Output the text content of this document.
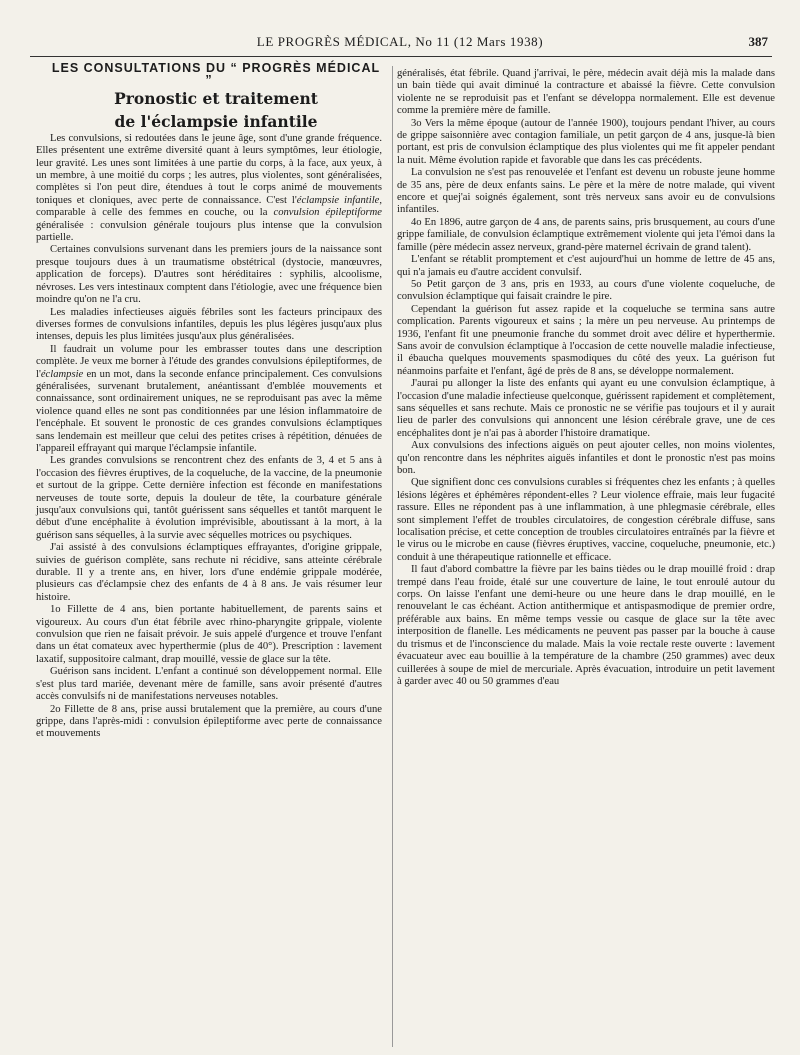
LE PROGRÈS MÉDICAL, No 11 (12 Mars 1938)	387

LES CONSULTATIONS DU “ PROGRÈS MÉDICAL ”

Pronostic et traitement
de l'éclampsie infantile

Les convulsions, si redoutées dans le jeune âge, sont d'une grande fréquence. Elles présentent une extrême diversité quant à leurs symptômes, leur étiologie, leur gravité. Les unes sont limitées à une partie du corps, à la face, aux yeux, à un membre, à une moitié du corps ; les autres, plus violentes, sont généralisées, complètes si l'on peut dire, étendues à tout le corps animé de mouvements toniques et cloniques, avec perte de connaissance. C'est l'éclampsie infantile, comparable à celle des femmes en couche, ou la convulsion épileptiforme généralisée : convulsion générale toujours plus intense que la convulsion partielle.

Certaines convulsions survenant dans les premiers jours de la naissance sont presque toujours dues à un traumatisme obstétrical (dystocie, manœuvres, application de forceps). D'autres sont héréditaires : syphilis, alcoolisme, névroses. Les vers intestinaux comptent dans l'étiologie, avec une fréquence bien moindre qu'on ne l'a cru.

Les maladies infectieuses aiguës fébriles sont les facteurs principaux des diverses formes de convulsions infantiles, depuis les plus légères jusqu'aux plus intenses, depuis les plus limitées jusqu'aux plus généralisées.

Il faudrait un volume pour les embrasser toutes dans une description complète. Je veux me borner à l'étude des grandes convulsions épileptiformes, de l'éclampsie en un mot, dans la seconde enfance principalement. Ces convulsions généralisées, survenant brutalement, anéantissant d'emblée mouvements et connaissance, sont ordinairement uniques, ne se reproduisant pas avec la même violence quand elles ne sont pas conditionnées par une lésion inflammatoire de l'encéphale. Et souvent le pronostic de ces grandes convulsions éclamptiques sans lendemain est meilleur que celui des petites crises à répétition, dénuées de l'appareil effrayant qui marque l'éclampsie infantile.

Les grandes convulsions se rencontrent chez des enfants de 3, 4 et 5 ans à l'occasion des fièvres éruptives, de la coqueluche, de la vaccine, de la pneumonie et surtout de la grippe. Cette dernière infection est féconde en manifestations nerveuses de toute sorte, depuis la douleur de tête, la courbature générale jusqu'aux convulsions qui, tantôt guérissent sans séquelles et tantôt marquent le début d'une encéphalite à évolution imprévisible, aboutissant à la mort, à la guérison sans séquelles, à la survie avec séquelles motrices ou psychiques.

J'ai assisté à des convulsions éclamptiques effrayantes, d'origine grippale, suivies de guérison complète, sans rechute ni récidive, sans atteinte cérébrale durable. Il y a trente ans, en hiver, lors d'une endémie grippale modérée, plusieurs cas d'éclampsie chez des enfants de 4 à 8 ans. Je vais résumer leur histoire.

1o Fillette de 4 ans, bien portante habituellement, de parents sains et vigoureux. Au cours d'un état fébrile avec rhino-pharyngite grippale, violente convulsion que rien ne faisait prévoir. Je suis appelé d'urgence et trouve l'enfant dans un état comateux avec hyperthermie (plus de 40°). Prescription : lavement laxatif, suppositoire calmant, drap mouillé, vessie de glace sur la tête.

Guérison sans incident. L'enfant a continué son développement normal. Elle s'est plus tard mariée, devenant mère de famille, sans avoir présenté d'autres accès convulsifs ni de manifestations nerveuses notables.

2o Fillette de 8 ans, prise aussi brutalement que la première, au cours d'une grippe, dans l'après-midi : convulsion épileptiforme avec perte de connaissance et mouvements

généralisés, état fébrile. Quand j'arrivai, le père, médecin avait déjà mis la malade dans un bain tiède qui avait diminué la contracture et abaissé la fièvre. Cette convulsion violente ne se reproduisit pas et l'enfant se développa normalement. Elle est devenue comme la première mère de famille.

3o Vers la même époque (autour de l'année 1900), toujours pendant l'hiver, au cours de grippe saisonnière avec contagion familiale, un petit garçon de 4 ans, jusque-là bien portant, est pris de convulsion éclamptique des plus violentes qui me fit appeler pendant la nuit. Même évolution rapide et favorable que dans les cas précédents.

La convulsion ne s'est pas renouvelée et l'enfant est devenu un robuste jeune homme de 35 ans, père de deux enfants sains. Le père et la mère de notre malade, qui vivent encore et quej'ai soignés également, sont très nerveux sans avoir eu de convulsions infantiles.

4o En 1896, autre garçon de 4 ans, de parents sains, pris brusquement, au cours d'une grippe familiale, de convulsion éclamptique extrêmement violente qui jeta l'émoi dans la famille (père médecin assez nerveux, grand-père maternel écrivain de grand talent).

L'enfant se rétablit promptement et c'est aujourd'hui un homme de lettre de 45 ans, qui n'a jamais eu d'autre accident convulsif.

5o Petit garçon de 3 ans, pris en 1933, au cours d'une violente coqueluche, de convulsion éclamptique qui faisait craindre le pire.

Cependant la guérison fut assez rapide et la coqueluche se termina sans autre complication. Parents vigoureux et sains ; la mère un peu nerveuse. Au printemps de 1936, l'enfant fit une pneumonie franche du sommet droit avec délire et hyperthermie. Sans avoir de convulsion éclamptique à l'occasion de cette nouvelle maladie infectieuse, il ébaucha quelques mouvements spasmodiques du côté des yeux. La guérison fut néanmoins parfaite et l'enfant, âgé de près de 8 ans, se développe normalement.

J'aurai pu allonger la liste des enfants qui ayant eu une convulsion éclamptique, à l'occasion d'une maladie infectieuse quelconque, guérissent rapidement et complètement, sans séquelles et sans rechute. Mais ce pronostic ne se vérifie pas toujours et il y aurait lieu de parler des convulsions qui annoncent une lésion cérébrale grave, une de ces encéphalites dont je n'ai pas à aborder l'histoire dramatique.

Aux convulsions des infections aiguës on peut ajouter celles, non moins violentes, qu'on rencontre dans les néphrites aiguës infantiles et dont le pronostic n'est pas moins bon.

Que signifient donc ces convulsions curables si fréquentes chez les enfants ; à quelles lésions légères et éphémères répondent-elles ? Leur violence effraie, mais leur fugacité rassure. Elles ne répondent pas à une inflammation, à une phlegmasie cérébrale, elles sont simplement l'effet de troubles circulatoires, de congestion cérébrale diffuse, sans localisation précise, et cette conception de troubles circulatoires entraînés par la fièvre et le virus ou le microbe en cause (fièvres éruptives, vaccine, coqueluche, pneumonie, etc.) conduit à une thérapeutique rationnelle et efficace.

Il faut d'abord combattre la fièvre par les bains tièdes ou le drap mouillé froid : drap trempé dans l'eau froide, étalé sur une couverture de laine, le tout enroulé autour du corps. On laisse l'enfant une demi-heure ou une heure dans le drap mouillé, en le renouvelant le cas échéant. Action antithermique et antispasmodique de premier ordre, préférable aux bains. En même temps vessie ou casque de glace sur la tête avec interposition de flanelle. Les médicaments ne peuvent pas passer par la bouche à cause du trismus et de l'inconscience du malade. Mais la voie rectale reste ouverte : lavement évacuateur avec eau bouillie à la température de la chambre (250 grammes) avec deux cuillerées à soupe de miel de mercuriale. Après évacuation, introduire un petit lavement à garder avec 40 ou 50 grammes d'eau
